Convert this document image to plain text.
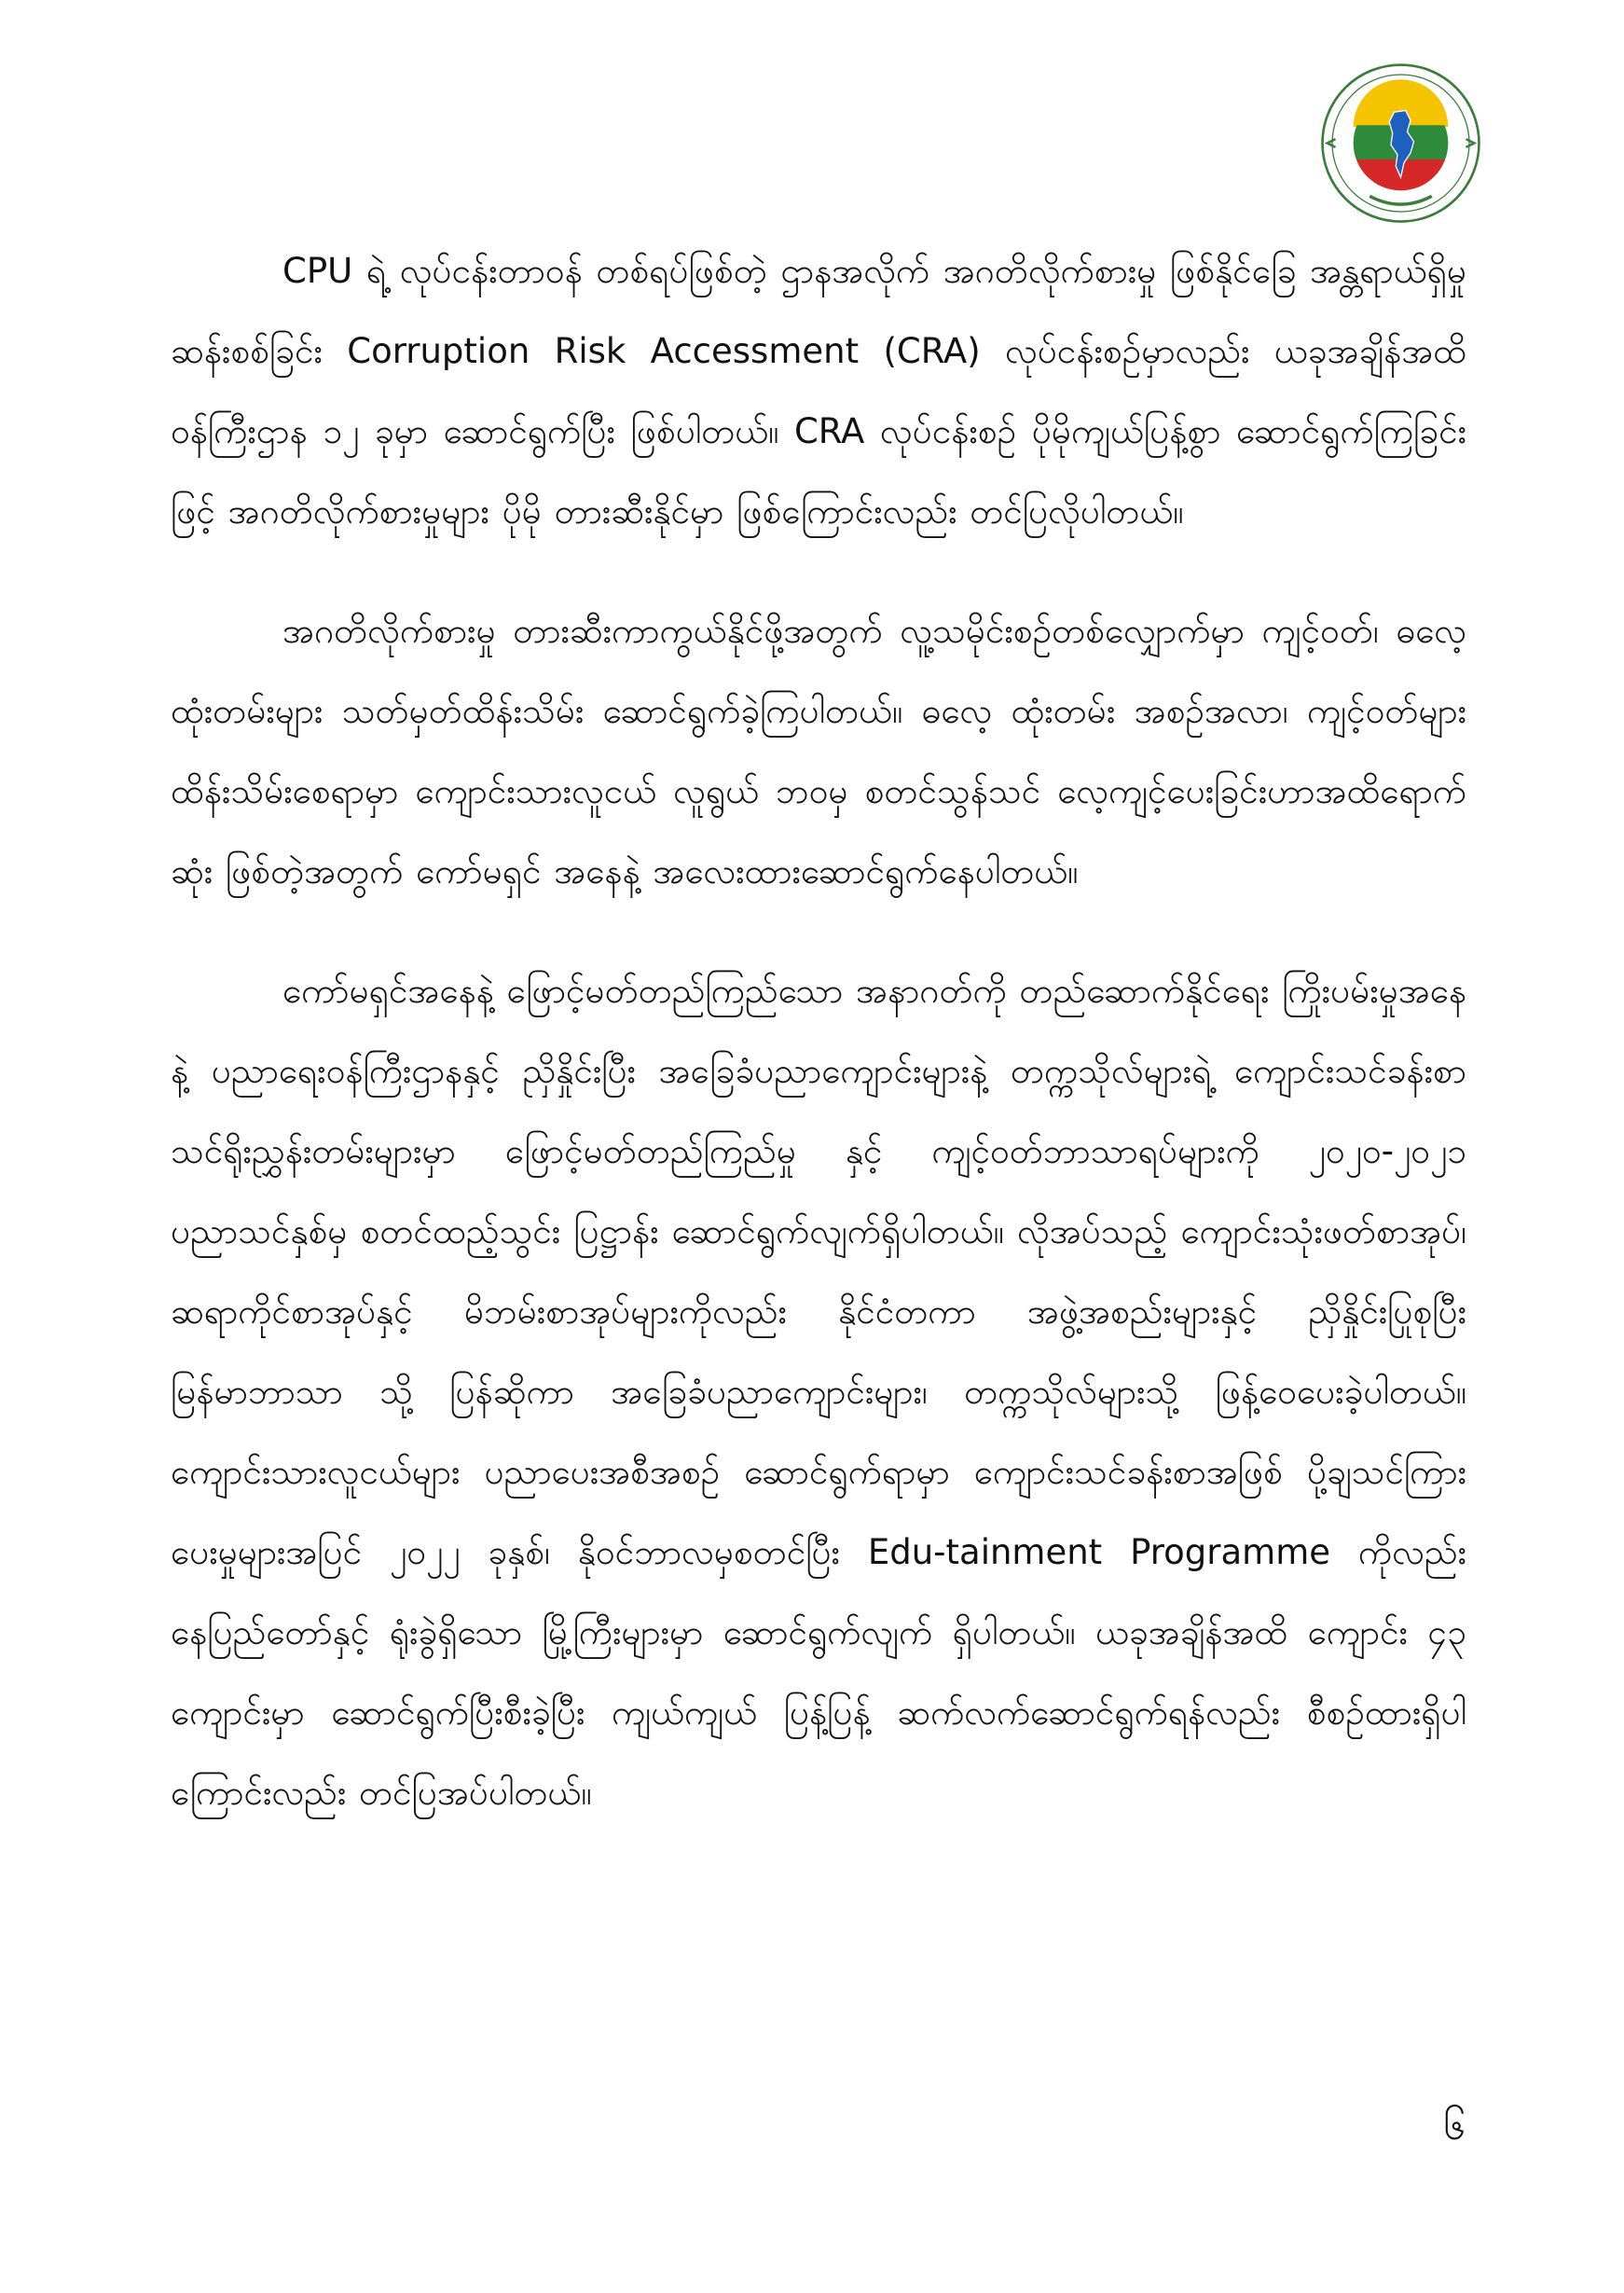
CPU ရဲ့ လုပ်ငန်းတာဝန် တစ်ရပ်ဖြစ်တဲ့ ဌာနအလိုက် အဂတိလိုက်စားမှု ဖြစ်နိုင်ခြေ အန္တရာယ်ရှိမှု ဆန်းစစ်ခြင်း Corruption Risk Accessment (CRA) လုပ်ငန်းစဉ်မှာလည်း ယခုအချိန်အထိ ဝန်ကြီးဌာန ၁၂ ခုမှာ ဆောင်ရွက်ပြီး ဖြစ်ပါတယ်။ CRA လုပ်ငန်းစဉ် ပိုမိုကျယ်ပြန့်စွာ ဆောင်ရွက်ကြခြင်းဖြင့် အဂတိလိုက်စားမှုများ ပိုမို တားဆီးနိုင်မှာ ဖြစ်ကြောင်းလည်း တင်ပြလိုပါတယ်။

အဂတိလိုက်စားမှု တားဆီးကာကွယ်နိုင်ဖို့အတွက် လူ့သမိုင်းစဉ်တစ်လျှောက်မှာ ကျင့်ဝတ်၊ ဓလေ့ထုံးတမ်းများ သတ်မှတ်ထိန်းသိမ်း ဆောင်ရွက်ခဲ့ကြပါတယ်။ ဓလေ့ ထုံးတမ်း အစဉ်အလာ၊ ကျင့်ဝတ်များ ထိန်းသိမ်းစေရာမှာ ကျောင်းသားလူငယ် လူရွယ် ဘဝမှ စတင်သွန်သင် လေ့ကျင့်ပေးခြင်းဟာအထိရောက်ဆုံး ဖြစ်တဲ့အတွက် ကော်မရှင် အနေနဲ့ အလေးထားဆောင်ရွက်နေပါတယ်။

ကော်မရှင်အနေနဲ့ ဖြောင့်မတ်တည်ကြည်သော အနာဂတ်ကို တည်ဆောက်နိုင်ရေး ကြိုးပမ်းမှုအနေနဲ့ ပညာရေးဝန်ကြီးဌာနနှင့် ညှိနှိုင်းပြီး အခြေခံပညာကျောင်းများနဲ့ တက္ကသိုလ်များရဲ့ ကျောင်းသင်ခန်းစာ သင်ရိုးညွှန်းတမ်းများမှာ ဖြောင့်မတ်တည်ကြည်မှု နှင့် ကျင့်ဝတ်ဘာသာရပ်များကို ၂၀၂၀-၂၀၂၁ ပညာသင်နှစ်မှ စတင်ထည့်သွင်း ပြဋ္ဌာန်း ဆောင်ရွက်လျက်ရှိပါတယ်။ လိုအပ်သည့် ကျောင်းသုံးဖတ်စာအုပ်၊ ဆရာကိုင်စာအုပ်နှင့် မိဘမ်းစာအုပ်များကိုလည်း နိုင်ငံတကာ အဖွဲ့အစည်းများနှင့် ညှိနှိုင်းပြုစုပြီး မြန်မာဘာသာ သို့ ပြန်ဆိုကာ အခြေခံပညာကျောင်းများ၊ တက္ကသိုလ်များသို့ ဖြန့်ဝေပေးခဲ့ပါတယ်။ ကျောင်းသားလူငယ်များ ပညာပေးအစီအစဉ် ဆောင်ရွက်ရာမှာ ကျောင်းသင်ခန်းစာအဖြစ် ပို့ချသင်ကြားပေးမှုများအပြင် ၂၀၂၂ ခုနှစ်၊ နိုဝင်ဘာလမှစတင်ပြီး Edu-tainment Programme ကိုလည်း နေပြည်တော်နှင့် ရုံးခွဲရှိသော မြို့ကြီးများမှာ ဆောင်ရွက်လျက် ရှိပါတယ်။ ယခုအချိန်အထိ ကျောင်း ၄၃ ကျောင်းမှာ ဆောင်ရွက်ပြီးစီးခဲ့ပြီး ကျယ်ကျယ် ပြန့်ပြန့် ဆက်လက်ဆောင်ရွက်ရန်လည်း စီစဉ်ထားရှိပါကြောင်းလည်း တင်ပြအပ်ပါတယ်။

၆
